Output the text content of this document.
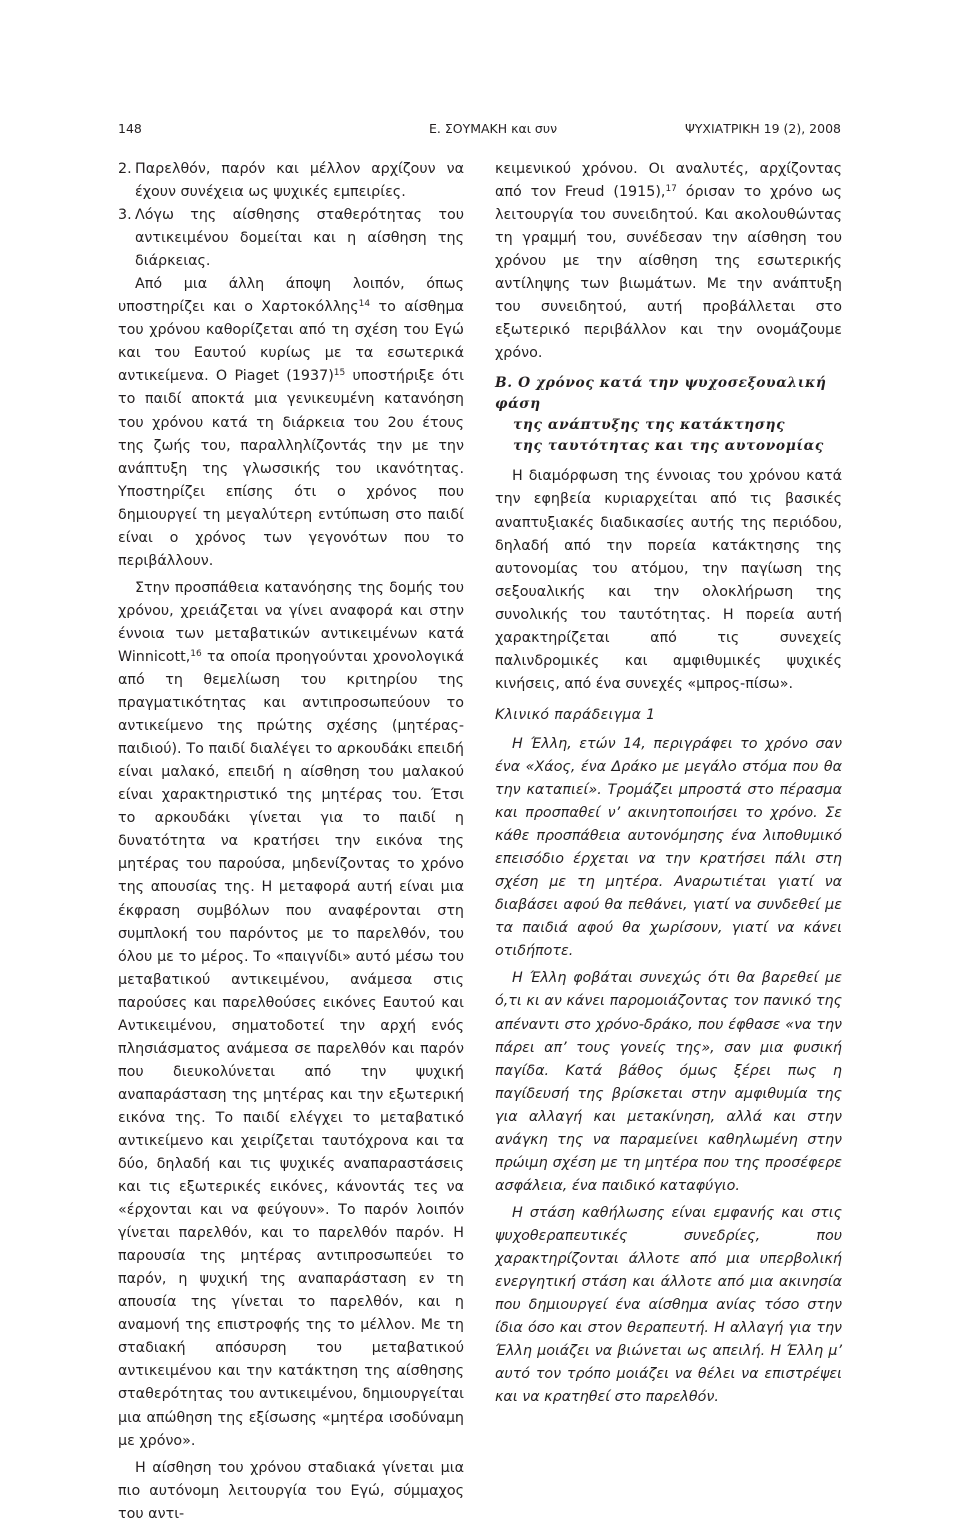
148	Ε. ΣΟΥΜΑΚΗ και συν	ΨΥΧΙΑΤΡΙΚΗ 19 (2), 2008
2. Παρελθόν, παρόν και μέλλον αρχίζουν να έχουν συνέχεια ως ψυχικές εμπειρίες.
3. Λόγω της αίσθησης σταθερότητας του αντικειμένου δομείται και η αίσθηση της διάρκειας.

Από μια άλλη άποψη λοιπόν, όπως υποστηρίζει και ο Χαρτοκόλλης$^{14}$ το αίσθημα του χρόνου καθορίζεται από τη σχέση του Εγώ και του Εαυτού κυρίως με τα εσωτερικά αντικείμενα. Ο Piaget $(1937)^{15}$ υποστήριξε ότι το παιδί αποκτά μια γενικευμένη κατανόηση του χρόνου κατά τη διάρκεια του 2ου έτους της ζωής του, παραλληλίζοντάς την με την ανάπτυξη της γλωσσικής του ικανότητας. Υποστηρίζει επίσης ότι ο χρόνος που δημιουργεί τη μεγαλύτερη εντύπωση στο παιδί είναι ο χρόνος των γεγονότων που το περιβάλλουν.

Στην προσπάθεια κατανόησης της δομής του χρόνου, χρειάζεται να γίνει αναφορά και στην έννοια των μεταβατικών αντικειμένων κατά Winnicott,$^{16}$ τα οποία προηγούνται χρονολογικά από τη θεμελίωση του κριτηρίου της πραγματικότητας και αντιπροσωπεύουν το αντικείμενο της πρώτης σχέσης (μητέρας-παιδιού). Το παιδί διαλέγει το αρκουδάκι επειδή είναι μαλακό, επειδή η αίσθηση του μαλακού είναι χαρακτηριστικό της μητέρας του. Έτσι το αρκουδάκι γίνεται για το παιδί η δυνατότητα να κρατήσει την εικόνα της μητέρας του παρούσα, μηδενίζοντας το χρόνο της απουσίας της. Η μεταφορά αυτή είναι μια έκφραση συμβόλων που αναφέρονται στη συμπλοκή του παρόντος με το παρελθόν, του όλου με το μέρος. Το «παιγνίδι» αυτό μέσω του μεταβατικού αντικειμένου, ανάμεσα στις παρούσες και παρελθούσες εικόνες Εαυτού και Αντικειμένου, σηματοδοτεί την αρχή ενός πλησιάσματος ανάμεσα σε παρελθόν και παρόν που διευκολύνεται από την ψυχική αναπαράσταση της μητέρας και την εξωτερική εικόνα της. Το παιδί ελέγχει το μεταβατικό αντικείμενο και χειρίζεται ταυτόχρονα και τα δύο, δηλαδή και τις ψυχικές αναπαραστάσεις και τις εξωτερικές εικόνες, κάνοντάς τες να «έρχονται και να φεύγουν». Το παρόν λοιπόν γίνεται παρελθόν, και το παρελθόν παρόν. Η παρουσία της μητέρας αντιπροσωπεύει το παρόν, η ψυχική της αναπαράσταση εν τη απουσία της γίνεται το παρελθόν, και η αναμονή της επιστροφής της το μέλλον. Με τη σταδιακή απόσυρση του μεταβατικού αντικειμένου και την κατάκτηση της αίσθησης σταθερότητας του αντικειμένου, δημιουργείται μια απώθηση της εξίσωσης «μητέρα ισοδύναμη με χρόνο».

Η αίσθηση του χρόνου σταδιακά γίνεται μια πιο αυτόνομη λειτουργία του Εγώ, σύμμαχος του αντι-

κειμενικού χρόνου. Οι αναλυτές, αρχίζοντας από τον Freud (1915),$^{17}$ όρισαν το χρόνο ως λειτουργία του συνειδητού. Και ακολουθώντας τη γραμμή του, συνέδεσαν την αίσθηση του χρόνου με την αίσθηση της εσωτερικής αντίληψης των βιωμάτων. Με την ανάπτυξη του συνειδητού, αυτή προβάλλεται στο εξωτερικό περιβάλλον και την ονομάζουμε χρόνο.

Β. Ο χρόνος κατά την ψυχοσεξουαλική φάση
της ανάπτυξης της κατάκτησης
της ταυτότητας και της αυτονομίας

Η διαμόρφωση της έννοιας του χρόνου κατά την εφηβεία κυριαρχείται από τις βασικές αναπτυξιακές διαδικασίες αυτής της περιόδου, δηλαδή από την πορεία κατάκτησης της αυτονομίας του ατόμου, την παγίωση της σεξουαλικής και την ολοκλήρωση της συνολικής του ταυτότητας. Η πορεία αυτή χαρακτηρίζεται από τις συνεχείς παλινδρομικές και αμφιθυμικές ψυχικές κινήσεις, από ένα συνεχές «μπρος-πίσω».

Κλινικό παράδειγμα 1

Η Έλλη, ετών 14, περιγράφει το χρόνο σαν ένα «Χάος, ένα Δράκο με μεγάλο στόμα που θα την καταπιεί». Τρομάζει μπροστά στο πέρασμα και προσπαθεί ν’ ακινητοποιήσει το χρόνο. Σε κάθε προσπάθεια αυτονόμησης ένα λιποθυμικό επεισόδιο έρχεται να την κρατήσει πάλι στη σχέση με τη μητέρα. Αναρωτιέται γιατί να διαβάσει αφού θα πεθάνει, γιατί να συνδεθεί με τα παιδιά αφού θα χωρίσουν, γιατί να κάνει οτιδήποτε.

Η Έλλη φοβάται συνεχώς ότι θα βαρεθεί με ό,τι κι αν κάνει παρομοιάζοντας τον πανικό της απέναντι στο χρόνο-δράκο, που έφθασε «να την πάρει απ’ τους γονείς της», σαν μια φυσική παγίδα. Κατά βάθος όμως ξέρει πως η παγίδευσή της βρίσκεται στην αμφιθυμία της για αλλαγή και μετακίνηση, αλλά και στην ανάγκη της να παραμείνει καθηλωμένη στην πρώιμη σχέση με τη μητέρα που της προσέφερε ασφάλεια, ένα παιδικό καταφύγιο.

Η στάση καθήλωσης είναι εμφανής και στις ψυχοθεραπευτικές συνεδρίες, που χαρακτηρίζονται άλλοτε από μια υπερβολική ενεργητική στάση και άλλοτε από μια ακινησία που δημιουργεί ένα αίσθημα ανίας τόσο στην ίδια όσο και στον θεραπευτή. Η αλλαγή για την Έλλη μοιάζει να βιώνεται ως απειλή. Η Έλλη μ’ αυτό τον τρόπο μοιάζει να θέλει να επιστρέψει και να κρατηθεί στο παρελθόν.
